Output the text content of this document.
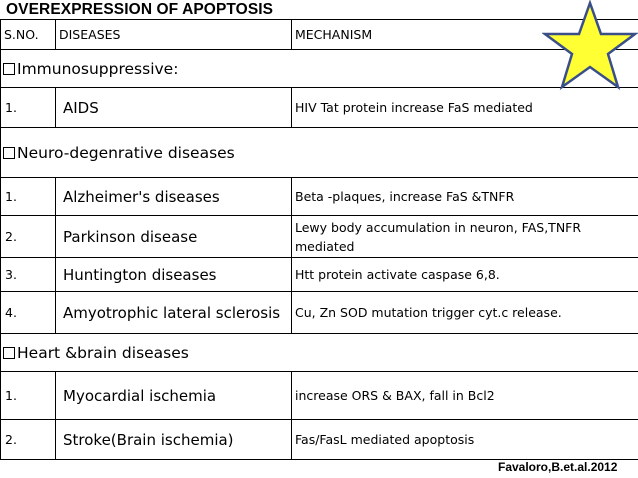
OVEREXPRESSION OF APOPTOSIS
S.NO.	DISEASES	MECHANISM
Immunosuppressive:		
1.	AIDS	HIV Tat protein increase FaS mediated
Neuro-degenrative diseases		
1.	Alzheimer's diseases	Beta -plaques, increase FaS &TNFR
2.	Parkinson disease	Lewy body accumulation in neuron, FAS,TNFR mediated
3.	Huntington diseases	Htt protein activate caspase 6,8.
4.	Amyotrophic lateral sclerosis	Cu, Zn SOD mutation trigger cyt.c release.
Heart &brain diseases		
1.	Myocardial ischemia	increase ORS & BAX, fall in Bcl2
2.	Stroke(Brain ischemia)	Fas/FasL mediated apoptosis
Favaloro,B.et.al.2012
